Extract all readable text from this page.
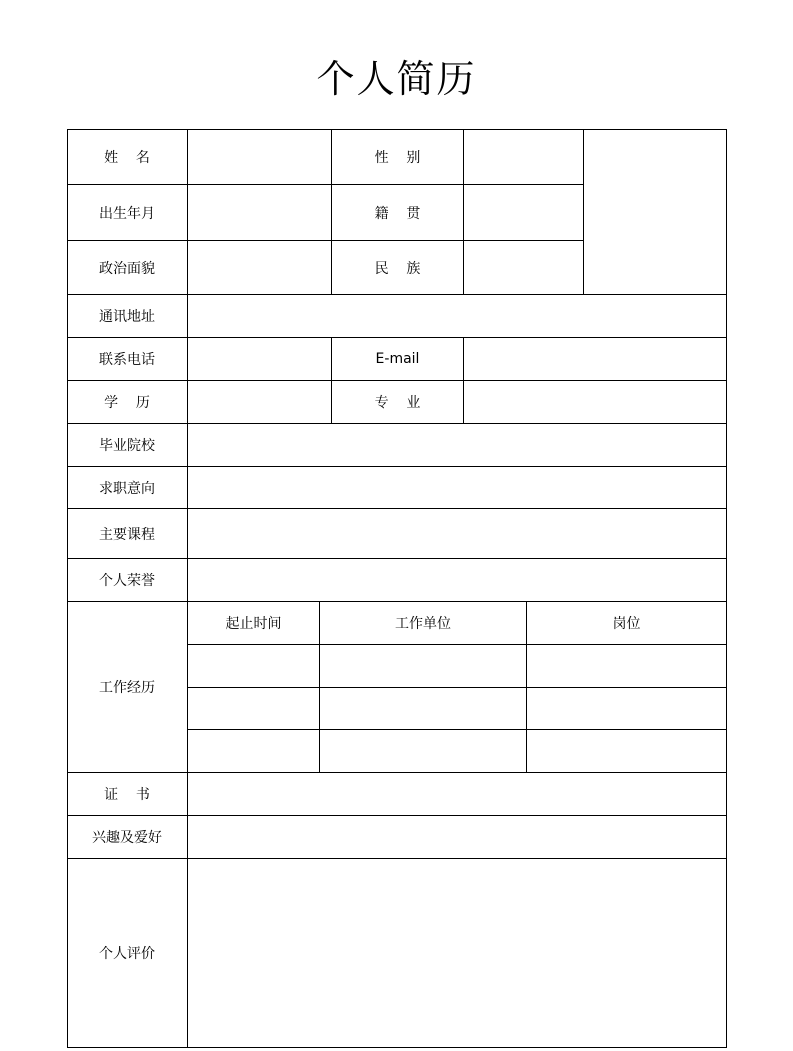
个人简历
姓    名	性    别
出生年月	籍    贯
政治面貌	民    族
通讯地址
联系电话	E-mail
学    历	专    业
毕业院校
求职意向
主要课程
个人荣誉
工作经历
起止时间	工作单位	岗位
证    书
兴趣及爱好
个人评价
